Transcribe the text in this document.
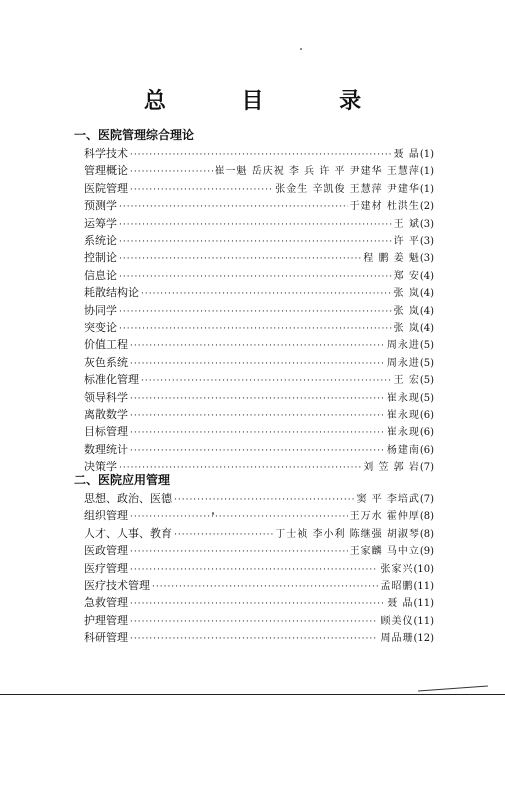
总 目 录
一、医院管理综合理论
科学技术 ·····	聂 晶 (1)
管理概论 ·····	崔一魁 岳庆祝 李 兵 许 平 尹建华 王慧萍 (1)
医院管理 ·····	张金生 辛凯俊 王慧萍 尹建华 (1)
预测学 ·····	于建材 杜洪生 (2)
运筹学 ·····	王 斌 (3)
系统论 ·····	许 平 (3)
控制论 ·····	程 鹏 姜 魁 (3)
信息论 ·····	郑 安 (4)
耗散结构论 ·····	张 岚 (4)
协同学 ·····	张 岚 (4)
突变论 ·····	张 岚 (4)
价值工程 ·····	周永进 (5)
灰色系统 ·····	周永进 (5)
标准化管理 ·····	王 宏 (5)
领导科学 ·····	崔永现 (5)
离散数学 ·····	崔永现 (6)
目标管理 ·····	崔永现 (6)
数理统计 ·····	杨建南 (6)
决策学 ·····	刘 笠 郭 岩 (7)
二、医院应用管理
思想、政治、医德 ·····	窦 平 李培武 (7)
组织管理 ·····	王万水 霍仲厚 (8)
人才、人事、教育 ·····	丁士祯 李小利 陈继强 胡淑琴 (8)
医政管理 ·····	王家麟 马中立 (9)
医疗管理 ·····	张家兴 (10)
医疗技术管理 ·····	孟昭鹏 (11)
急救管理 ·····	聂 晶 (11)
护理管理 ·····	顾美仪 (11)
科研管理 ·····	周品珊 (12)
